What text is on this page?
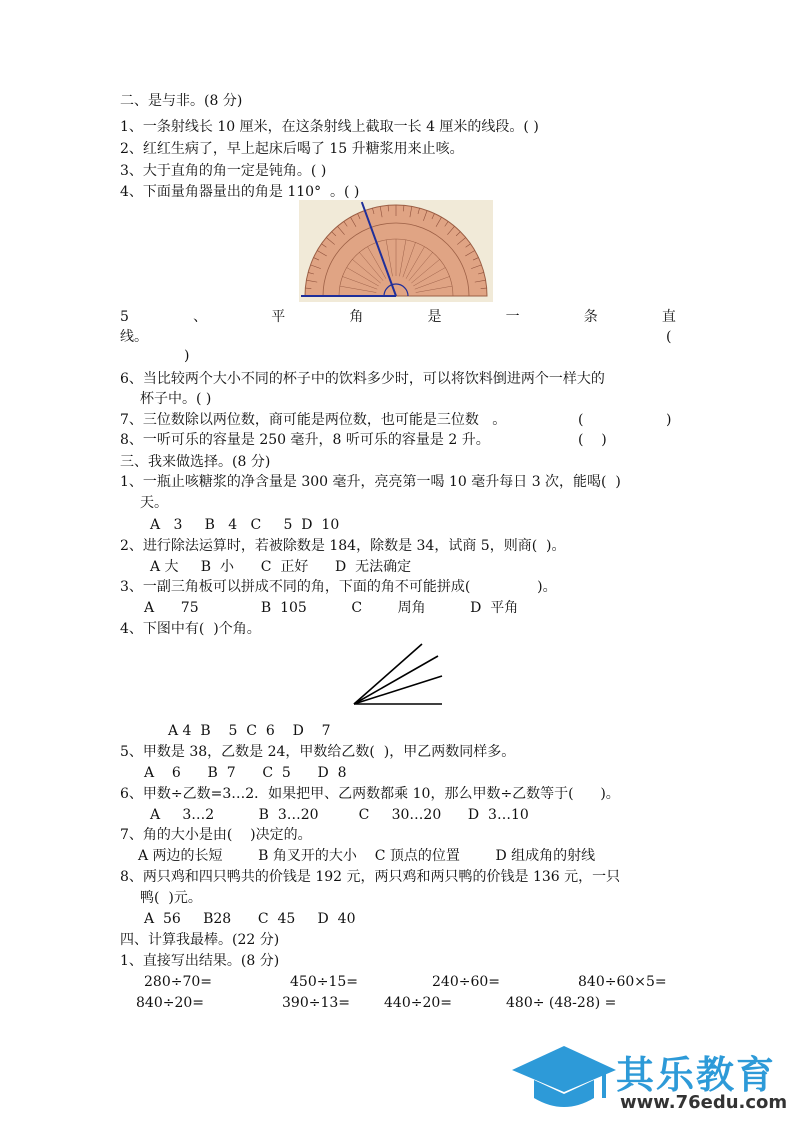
二、是与非。(8 分)
1、一条射线长 10 厘米，在这条射线上截取一长 4 厘米的线段。( )
2、红红生病了，早上起床后喝了 15 升糖浆用来止咳。
3、大于直角的角一定是钝角。( )
4、下面量角器量出的角是 110°  。( )
5	、	平	角	是	一	条	直
线。	(
)
6、当比较两个大小不同的杯子中的饮料多少时，可以将饮料倒进两个一样大的
杯子中。( )
7、三位数除以两位数，商可能是两位数，也可能是三位数   。	(	)
8、一听可乐的容量是 250 毫升，8 听可乐的容量是 2 升。	(    )
三、我来做选择。(8 分)
1、一瓶止咳糖浆的净含量是 300 毫升，亮亮第一喝 10 毫升每日 3 次，能喝(  )
天。
A   3     B   4   C     5  D  10
2、进行除法运算时，若被除数是 184，除数是 34，试商 5，则商(  )。
A 大     B  小      C  正好      D  无法确定
3、一副三角板可以拼成不同的角，下面的角不可能拼成(               )。
A      75              B  105          C        周角          D  平角
4、下图中有(  )个角。
A 4  B    5  C  6    D    7
5、甲数是 38，乙数是 24，甲数给乙数(  )，甲乙两数同样多。
A    6      B  7      C  5      D  8
6、甲数÷乙数=3…2．如果把甲、乙两数都乘 10，那么甲数÷乙数等于(      )。
A     3…2          B  3…20         C     30…20      D  3…10
7、角的大小是由(    )决定的。
A 两边的长短        B 角叉开的大小    C 顶点的位置        D 组成角的射线
8、两只鸡和四只鸭共的价钱是 192 元，两只鸡和两只鸭的价钱是 136 元，一只
鸭(  )元。
A  56     B28      C  45     D  40
四、计算我最棒。(22 分)
1、直接写出结果。(8 分)
280÷70=	450÷15=	240÷60=	840÷60×5=
840÷20=	390÷13= 440÷20=	480÷ (48-28) =
其乐教育
www.76edu.com
